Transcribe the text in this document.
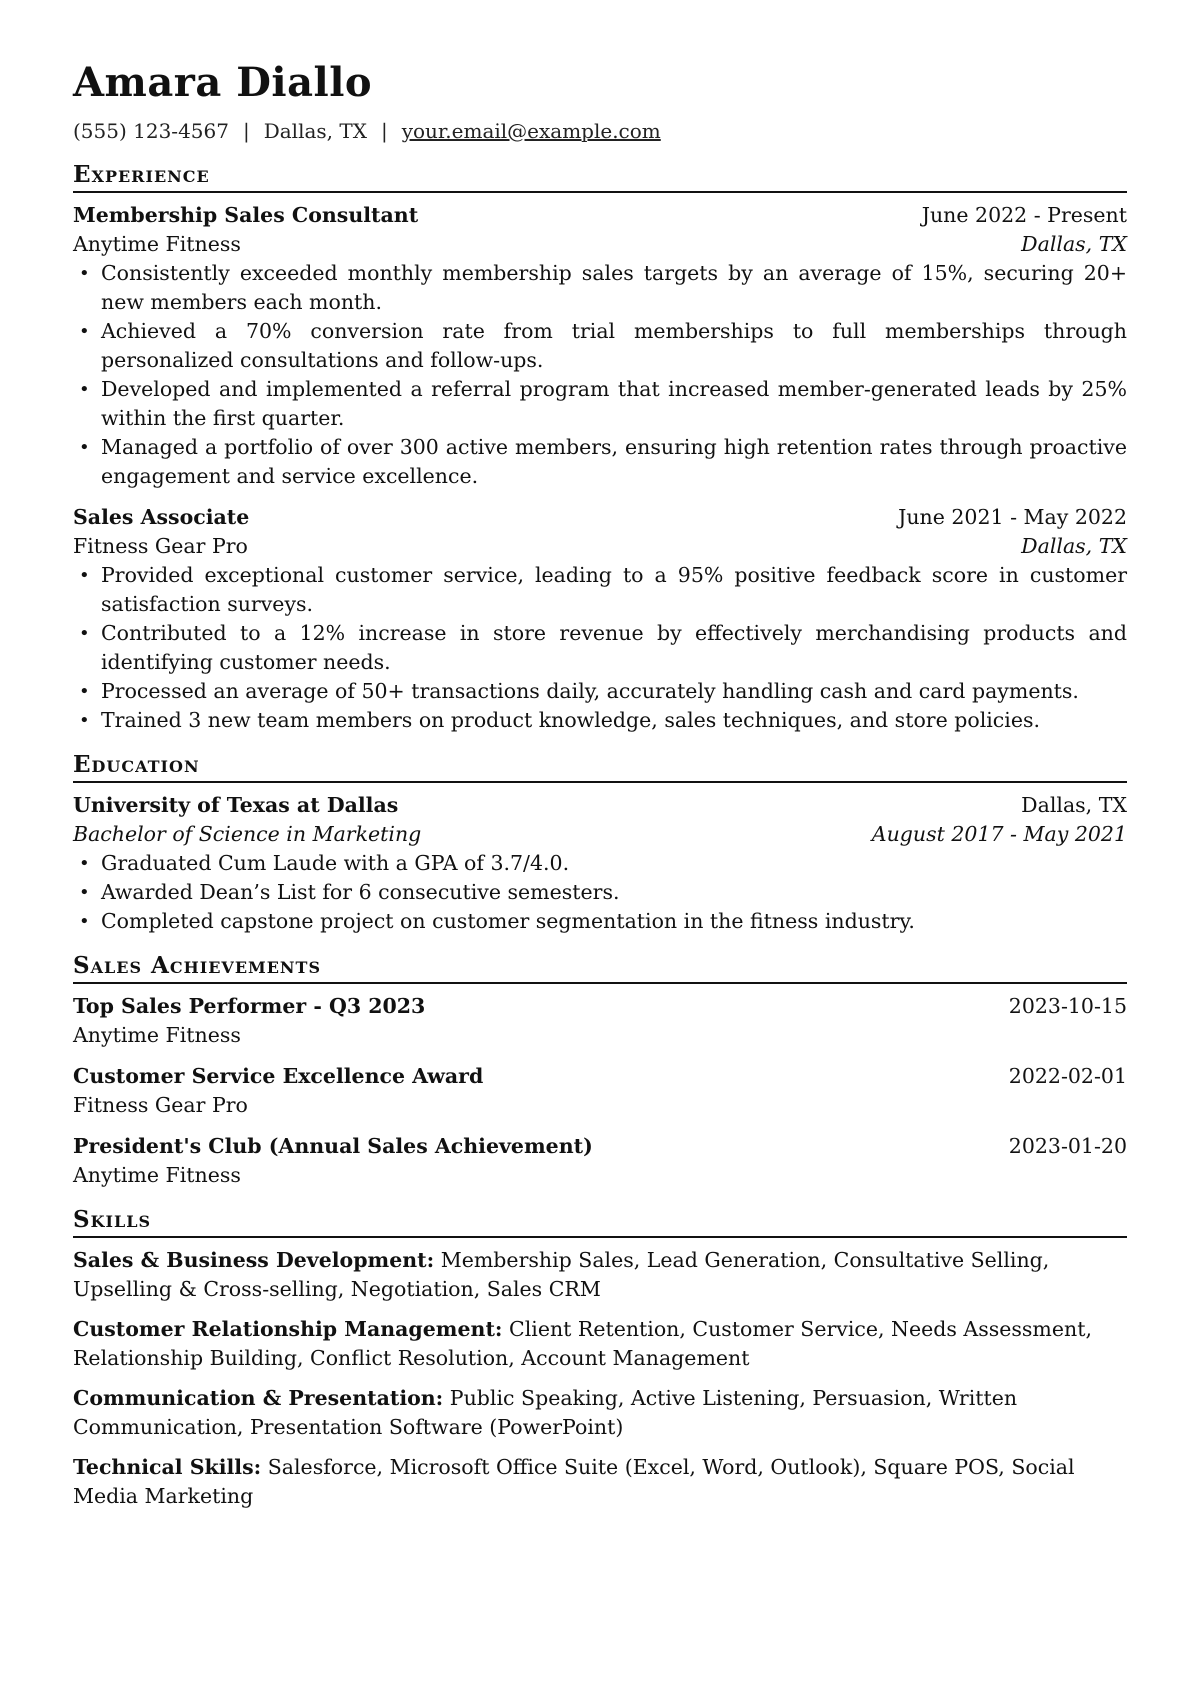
Amara Diallo
(555) 123-4567 | Dallas, TX | your.email@example.com
Experience
Membership Sales Consultant	June 2022 - Present
Anytime Fitness	Dallas, TX
• Consistently exceeded monthly membership sales targets by an average of 15%, securing 20+ new members each month.
• Achieved a 70% conversion rate from trial memberships to full memberships through personalized consultations and follow-ups.
• Developed and implemented a referral program that increased member-generated leads by 25% within the first quarter.
• Managed a portfolio of over 300 active members, ensuring high retention rates through proactive engagement and service excellence.
Sales Associate	June 2021 - May 2022
Fitness Gear Pro	Dallas, TX
• Provided exceptional customer service, leading to a 95% positive feedback score in customer satisfaction surveys.
• Contributed to a 12% increase in store revenue by effectively merchandising products and identifying customer needs.
• Processed an average of 50+ transactions daily, accurately handling cash and card payments.
• Trained 3 new team members on product knowledge, sales techniques, and store policies.
Education
University of Texas at Dallas	Dallas, TX
Bachelor of Science in Marketing	August 2017 - May 2021
• Graduated Cum Laude with a GPA of 3.7/4.0.
• Awarded Dean’s List for 6 consecutive semesters.
• Completed capstone project on customer segmentation in the fitness industry.
Sales Achievements
Top Sales Performer - Q3 2023	2023-10-15
Anytime Fitness
Customer Service Excellence Award	2022-02-01
Fitness Gear Pro
President's Club (Annual Sales Achievement)	2023-01-20
Anytime Fitness
Skills
Sales & Business Development: Membership Sales, Lead Generation, Consultative Selling, Upselling & Cross-selling, Negotiation, Sales CRM
Customer Relationship Management: Client Retention, Customer Service, Needs Assessment, Relationship Building, Conflict Resolution, Account Management
Communication & Presentation: Public Speaking, Active Listening, Persuasion, Written Communication, Presentation Software (PowerPoint)
Technical Skills: Salesforce, Microsoft Office Suite (Excel, Word, Outlook), Square POS, Social Media Marketing
